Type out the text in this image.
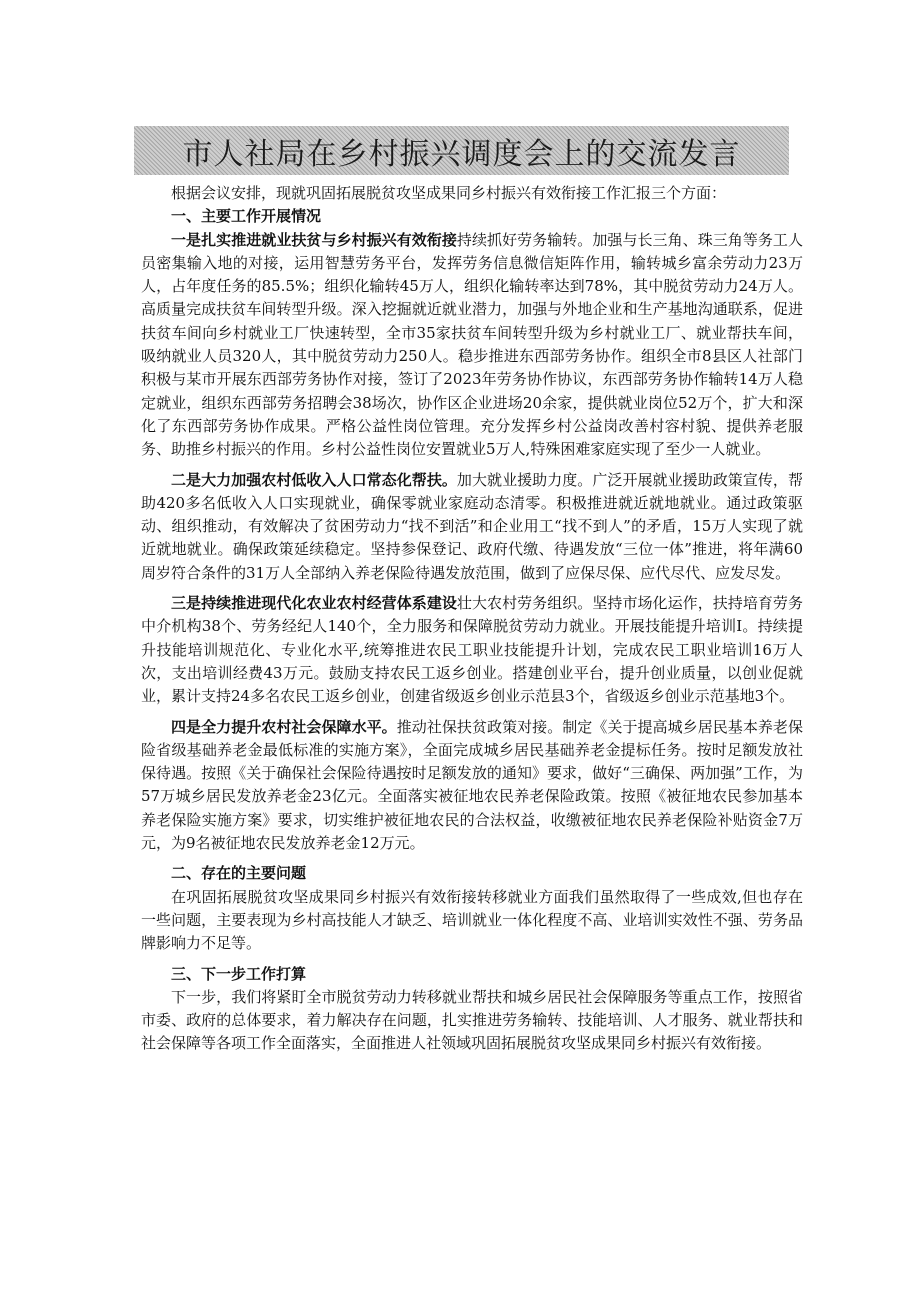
市人社局在乡村振兴调度会上的交流发言

根据会议安排，现就巩固拓展脱贫攻坚成果同乡村振兴有效衔接工作汇报三个方面：

一、主要工作开展情况

一是扎实推进就业扶贫与乡村振兴有效衔接持续抓好劳务输转。加强与长三角、珠三角等务工人员密集输入地的对接，运用智慧劳务平台，发挥劳务信息微信矩阵作用，输转城乡富余劳动力23万人，占年度任务的85.5%；组织化输转45万人，组织化输转率达到78%，其中脱贫劳动力24万人。高质量完成扶贫车间转型升级。深入挖掘就近就业潜力，加强与外地企业和生产基地沟通联系，促进扶贫车间向乡村就业工厂快速转型，全市35家扶贫车间转型升级为乡村就业工厂、就业帮扶车间，吸纳就业人员320人，其中脱贫劳动力250人。稳步推进东西部劳务协作。组织全市8县区人社部门积极与某市开展东西部劳务协作对接，签订了2023年劳务协作协议，东西部劳务协作输转14万人稳定就业，组织东西部劳务招聘会38场次，协作区企业进场20余家，提供就业岗位52万个，扩大和深化了东西部劳务协作成果。严格公益性岗位管理。充分发挥乡村公益岗改善村容村貌、提供养老服务、助推乡村振兴的作用。乡村公益性岗位安置就业5万人,特殊困难家庭实现了至少一人就业。

二是大力加强农村低收入人口常态化帮扶。加大就业援助力度。广泛开展就业援助政策宣传，帮助420多名低收入人口实现就业，确保零就业家庭动态清零。积极推进就近就地就业。通过政策驱动、组织推动，有效解决了贫困劳动力“找不到活”和企业用工“找不到人”的矛盾，15万人实现了就近就地就业。确保政策延续稳定。坚持参保登记、政府代缴、待遇发放“三位一体”推进，将年满60周岁符合条件的31万人全部纳入养老保险待遇发放范围，做到了应保尽保、应代尽代、应发尽发。

三是持续推进现代化农业农村经营体系建设壮大农村劳务组织。坚持市场化运作，扶持培育劳务中介机构38个、劳务经纪人140个，全力服务和保障脱贫劳动力就业。开展技能提升培训I。持续提升技能培训规范化、专业化水平,统筹推进农民工职业技能提升计划，完成农民工职业培训16万人次，支出培训经费43万元。鼓励支持农民工返乡创业。搭建创业平台，提升创业质量，以创业促就业，累计支持24多名农民工返乡创业，创建省级返乡创业示范县3个，省级返乡创业示范基地3个。

四是全力提升农村社会保障水平。推动社保扶贫政策对接。制定《关于提高城乡居民基本养老保险省级基础养老金最低标准的实施方案》，全面完成城乡居民基础养老金提标任务。按时足额发放社保待遇。按照《关于确保社会保险待遇按时足额发放的通知》要求，做好“三确保、两加强”工作，为57万城乡居民发放养老金23亿元。全面落实被征地农民养老保险政策。按照《被征地农民参加基本养老保险实施方案》要求，切实维护被征地农民的合法权益，收缴被征地农民养老保险补贴资金7万元，为9名被征地农民发放养老金12万元。

二、存在的主要问题

在巩固拓展脱贫攻坚成果同乡村振兴有效衔接转移就业方面我们虽然取得了一些成效,但也存在一些问题，主要表现为乡村高技能人才缺乏、培训就业一体化程度不高、业培训实效性不强、劳务品牌影响力不足等。

三、下一步工作打算

下一步，我们将紧盯全市脱贫劳动力转移就业帮扶和城乡居民社会保障服务等重点工作，按照省市委、政府的总体要求，着力解决存在问题，扎实推进劳务输转、技能培训、人才服务、就业帮扶和社会保障等各项工作全面落实，全面推进人社领域巩固拓展脱贫攻坚成果同乡村振兴有效衔接。
